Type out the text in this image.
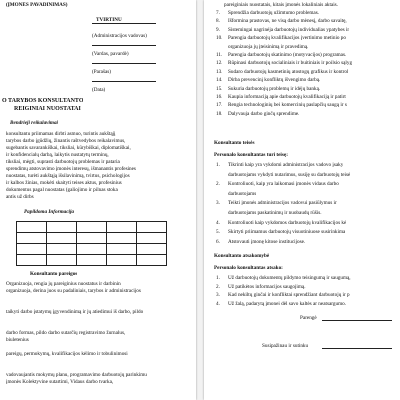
(ĮMONĖS PAVADINIMAS)
TVIRTINU
(Administracijos vadovas)
(Vardas, pavardė)
(Parašas)
(Data)
O TARYBOS KONSULTANTO
REIGINIAI NUOSTATAI
Bendrieji reikalavimai
konsultantu priimamas dirbti asmuo, turintis aukštąjį
tarybos darbo įgūdžių, žinantis raštvedybos reikalavimus,
sugebantis savarankiškai, tiksliai, kūrybiškai, diplomatiškai,
ir konfidencialų darbą, laikytis nustatytų terminų,
tiksliai, mėgti, suprasti darbuotojų problemas ir pataria
sprendimų atstovavimo įmonės interesų, išmanantis profesines
nuostatas, turėti aukštąją išsilavinimą, tvirtus, psichologijos
ir kalbos žinias, mokėti skaityti teises aktus, profesinius
dokumentus pagal nuostatas (galiojimo ir pilnas stoka
antis už dirbs
Papildoma Informacija

Konsultanto pareigos
Organizuoja, rengia jų pareiginius nuostatus ir darbinin
organizuoja, derina juos su padaliniais, tarybos ir administracijos
taikyti darbo įstatymų įgyvendinimą ir jų atiedimui iš darbo, pildo
darbo formas, pildo darbo sutarčių registravimo žurnalus,
biuletenius
pareigų, permokymų, kvalifikacijos kėlimo ir tobulinimosi
vadovaujantis mokymų planu, programavimo darbuotojų parinkimu
įmonės Kolektyvine sutartimi, Vidaus darbo tvarka,
pareiginiais nuostatais, kitais įmonės lokaliniais aktais.
7. Sprendžia darbuotojų užimtumo problemas.
8. Išformina prastovas, ne visą darbo mėnesį, darbo savaitę,
9. Sistemingai nagrinėja darbuotojų individualias ypatybes ir
10. Parengia darbuotojų kvalifikacijos įvertinimo metinio po
organizuoja jų įteisinimą ir pravedimą.
11. Parengia darbuotojų skatinimo (motyvacijos) programas.
12. Rūpinasi darbuotojų socialiniais ir buitiniais ir poilsio sąlyg
13. Sudaro darbuotojų kasmetinių atostogų grafikus ir kontrol
14. Dirba prevencinį konfliktų išvengimo darbą.
15. Sukuria darbuotojų problemų ir idėjų banką.
16. Kaupia informaciją apie darbuotojų kvalifikaciją ir patirt
17. Rengia technologinių bei komercinių paslapčių saugą ir s
18. Dalyvauja darbo ginčų sprendime.
Konsultanto teisės
Personalo konsultantas turi teisę:
1. Tikrinti kaip yra vykdomi administracijos vadovo įsaky
darbuotojams vykdyti nutarimus, susiję su darbuotojų teisė
2. Kontroliuoti, kaip yra laikomasi įmonės vidaus darbo
darbuotojams
3. Teikti įmonės administracijos vadovui pasiūlymus ir
darbuotojams paskatinimų ir nuobaudų rūšis.
4. Kontroliuoti kaip vykdomos darbuotojų kvalifikacijos kė
5. Skirtyti priimamus darbuotojų visuotiniuose susirinkima
6. Atstovauti įmonę kitose institucijose.
Konsultanto atsakomybė
Personalo konsultantas atsako:
1. Už darbuotojų dokumentų pildymo teisingumą ir saugumą,
2. Už patikėtos informacijos saugojimą.
3. Kad nekiltų ginčai ir konfliktai sprendžiant darbuotojų ir p
4. Už žalą, padarytą įmonei dėl savo kaltės ar neatsargumo.
Parengė
Susipažinau ir sutinku
